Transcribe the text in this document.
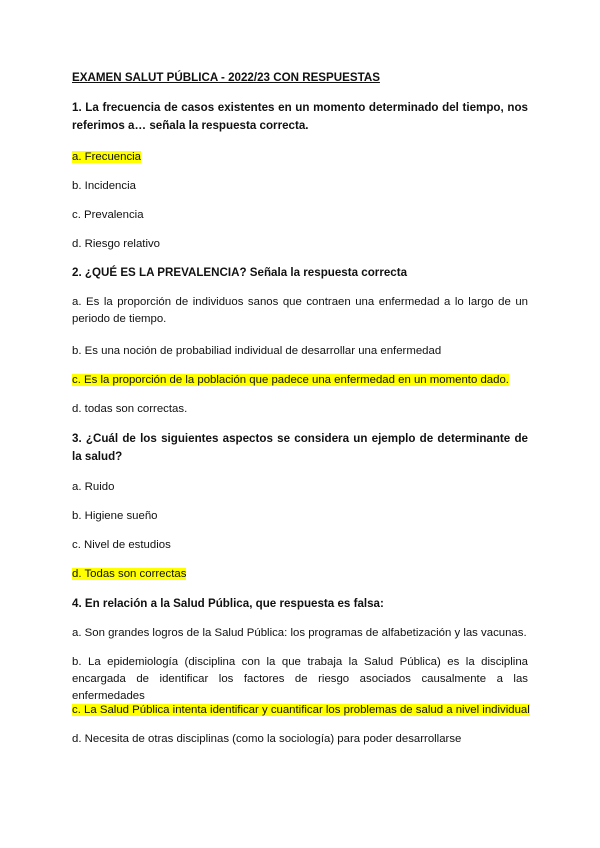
EXAMEN SALUT PÚBLICA - 2022/23 CON RESPUESTAS
1. La frecuencia de casos existentes en un momento determinado del tiempo, nos referimos a… señala la respuesta correcta.
a. Frecuencia
b. Incidencia
c. Prevalencia
d. Riesgo relativo
2. ¿QUÉ ES LA PREVALENCIA? Señala la respuesta correcta
a. Es la proporción de individuos sanos que contraen una enfermedad a lo largo de un periodo de tiempo.
b. Es una noción de probabiliad individual de desarrollar una enfermedad
c. Es la proporción de la población que padece una enfermedad en un momento dado.
d. todas son correctas.
3. ¿Cuál de los siguientes aspectos se considera un ejemplo de determinante de la salud?
a. Ruido
b. Higiene sueño
c. Nivel de estudios
d. Todas son correctas
4. En relación a la Salud Pública, que respuesta es falsa:
a. Son grandes logros de la Salud Pública: los programas de alfabetización y las vacunas.
b. La epidemiología (disciplina con la que trabaja la Salud Pública) es la disciplina encargada de identificar los factores de riesgo asociados causalmente a las enfermedades
c. La Salud Pública intenta identificar y cuantificar los problemas de salud a nivel individual
d. Necesita de otras disciplinas (como la sociología) para poder desarrollarse
